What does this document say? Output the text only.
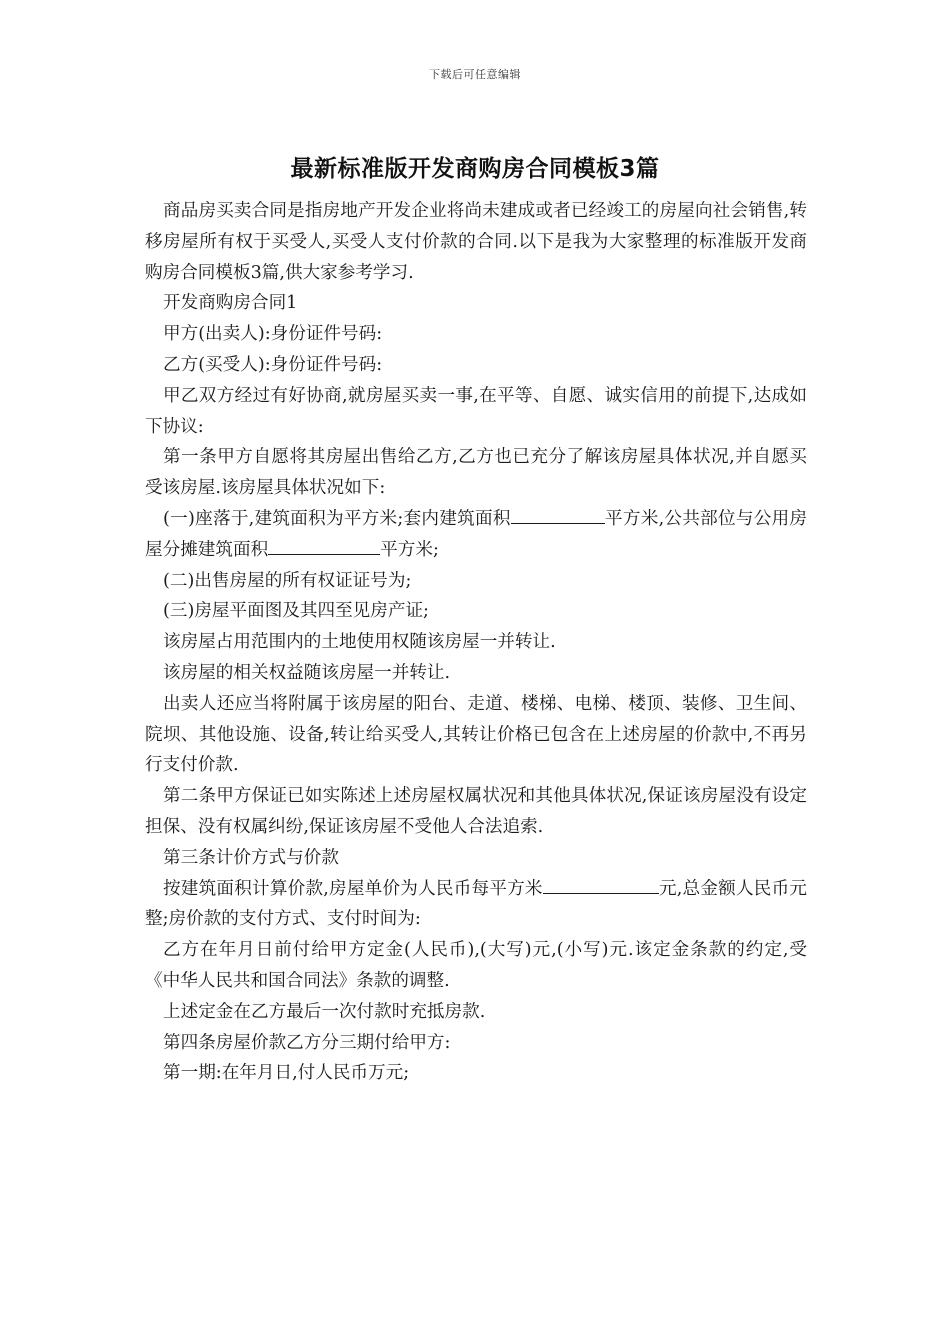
下载后可任意编辑
最新标准版开发商购房合同模板3篇

商品房买卖合同是指房地产开发企业将尚未建成或者已经竣工的房屋向社会销售,转移房屋所有权于买受人,买受人支付价款的合同.以下是我为大家整理的标准版开发商购房合同模板3篇,供大家参考学习.

开发商购房合同1

甲方(出卖人):身份证件号码:

乙方(买受人):身份证件号码:

甲乙双方经过有好协商,就房屋买卖一事,在平等、自愿、诚实信用的前提下,达成如下协议:

第一条甲方自愿将其房屋出售给乙方,乙方也已充分了解该房屋具体状况,并自愿买受该房屋.该房屋具体状况如下:

(一)座落于,建筑面积为平方米;套内建筑面积	平方米,公共部位与公用房屋分摊建筑面积	平方米;

(二)出售房屋的所有权证证号为;

(三)房屋平面图及其四至见房产证;

该房屋占用范围内的土地使用权随该房屋一并转让.

该房屋的相关权益随该房屋一并转让.

出卖人还应当将附属于该房屋的阳台、走道、楼梯、电梯、楼顶、装修、卫生间、院坝、其他设施、设备,转让给买受人,其转让价格已包含在上述房屋的价款中,不再另行支付价款.

第二条甲方保证已如实陈述上述房屋权属状况和其他具体状况,保证该房屋没有设定担保、没有权属纠纷,保证该房屋不受他人合法追索.

第三条计价方式与价款

按建筑面积计算价款,房屋单价为人民币每平方米	元,总金额人民币元整;房价款的支付方式、支付时间为:

乙方在年月日前付给甲方定金(人民币),(大写)元,(小写)元.该定金条款的约定,受《中华人民共和国合同法》条款的调整.

上述定金在乙方最后一次付款时充抵房款.

第四条房屋价款乙方分三期付给甲方:

第一期:在年月日,付人民币万元;
